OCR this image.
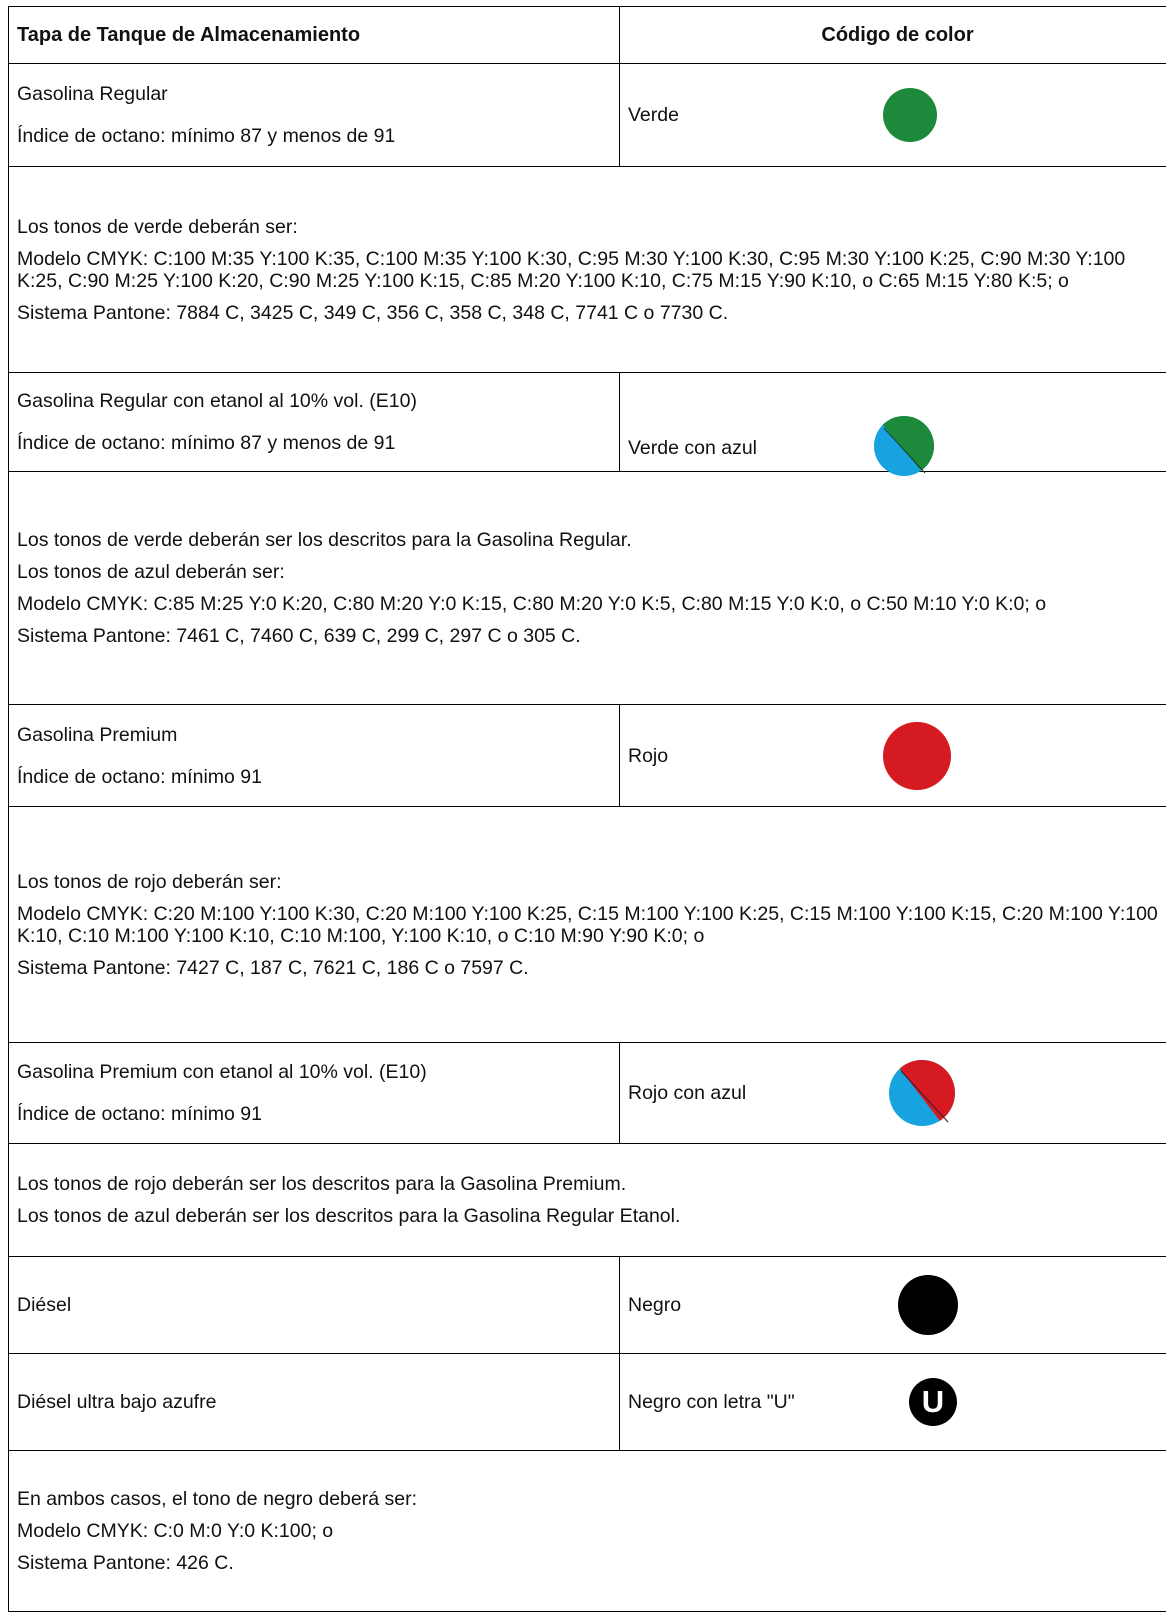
Tapa de Tanque de Almacenamiento	Código de color

Gasolina Regular
Índice de octano: mínimo 87 y menos de 91	Verde

Los tonos de verde deberán ser:
Modelo CMYK: C:100 M:35 Y:100 K:35, C:100 M:35 Y:100 K:30, C:95 M:30 Y:100 K:30, C:95 M:30 Y:100 K:25, C:90 M:30 Y:100 K:25, C:90 M:25 Y:100 K:20, C:90 M:25 Y:100 K:15, C:85 M:20 Y:100 K:10, C:75 M:15 Y:90 K:10, o C:65 M:15 Y:80 K:5; o
Sistema Pantone: 7884 C, 3425 C, 349 C, 356 C, 358 C, 348 C, 7741 C o 7730 C.	

Gasolina Regular con etanol al 10% vol. (E10)
Índice de octano: mínimo 87 y menos de 91	Verde con azul

Los tonos de verde deberán ser los descritos para la Gasolina Regular.
Los tonos de azul deberán ser:
Modelo CMYK: C:85 M:25 Y:0 K:20, C:80 M:20 Y:0 K:15, C:80 M:20 Y:0 K:5, C:80 M:15 Y:0 K:0, o C:50 M:10 Y:0 K:0; o
Sistema Pantone: 7461 C, 7460 C, 639 C, 299 C, 297 C o 305 C.	

Gasolina Premium
Índice de octano: mínimo 91	Rojo

Los tonos de rojo deberán ser:
Modelo CMYK: C:20 M:100 Y:100 K:30, C:20 M:100 Y:100 K:25, C:15 M:100 Y:100 K:25, C:15 M:100 Y:100 K:15, C:20 M:100 Y:100 K:10, C:10 M:100 Y:100 K:10, C:10 M:100, Y:100 K:10, o C:10 M:90 Y:90 K:0; o
Sistema Pantone: 7427 C, 187 C, 7621 C, 186 C o 7597 C.	

Gasolina Premium con etanol al 10% vol. (E10)
Índice de octano: mínimo 91	Rojo con azul

Los tonos de rojo deberán ser los descritos para la Gasolina Premium.
Los tonos de azul deberán ser los descritos para la Gasolina Regular Etanol.	

Diésel	Negro

Diésel ultra bajo azufre	Negro con letra "U" U

En ambos casos, el tono de negro deberá ser:
Modelo CMYK: C:0 M:0 Y:0 K:100; o
Sistema Pantone: 426 C.	
